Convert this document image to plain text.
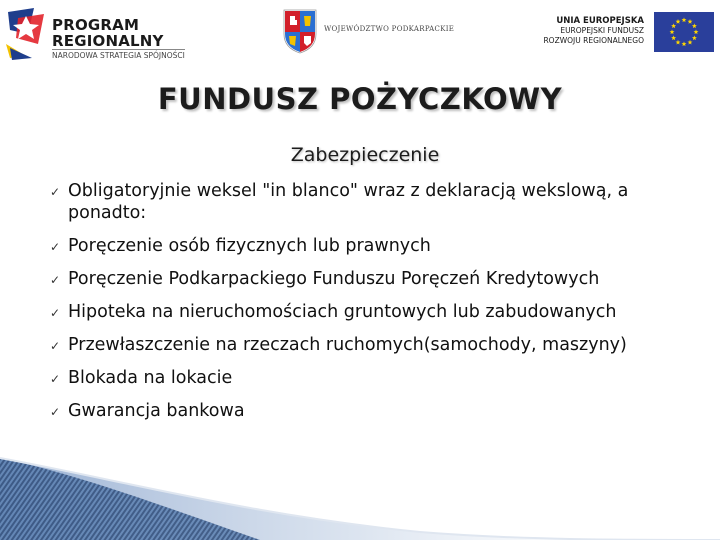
PROGRAM
REGIONALNY
NARODOWA STRATEGIA SPÓJNOŚCI
WOJEWÓDZTWO PODKARPACKIE
UNIA EUROPEJSKA
EUROPEJSKI FUNDUSZ
ROZWOJU REGIONALNEGO
FUNDUSZ POŻYCZKOWY
Zabezpieczenie
✓ Obligatoryjnie weksel "in blanco" wraz z deklaracją wekslową, a ponadto:
✓ Poręczenie osób fizycznych lub prawnych
✓ Poręczenie Podkarpackiego Funduszu Poręczeń Kredytowych
✓ Hipoteka na nieruchomościach gruntowych lub zabudowanych
✓ Przewłaszczenie na rzeczach ruchomych(samochody, maszyny)
✓ Blokada na lokacie
✓ Gwarancja bankowa
